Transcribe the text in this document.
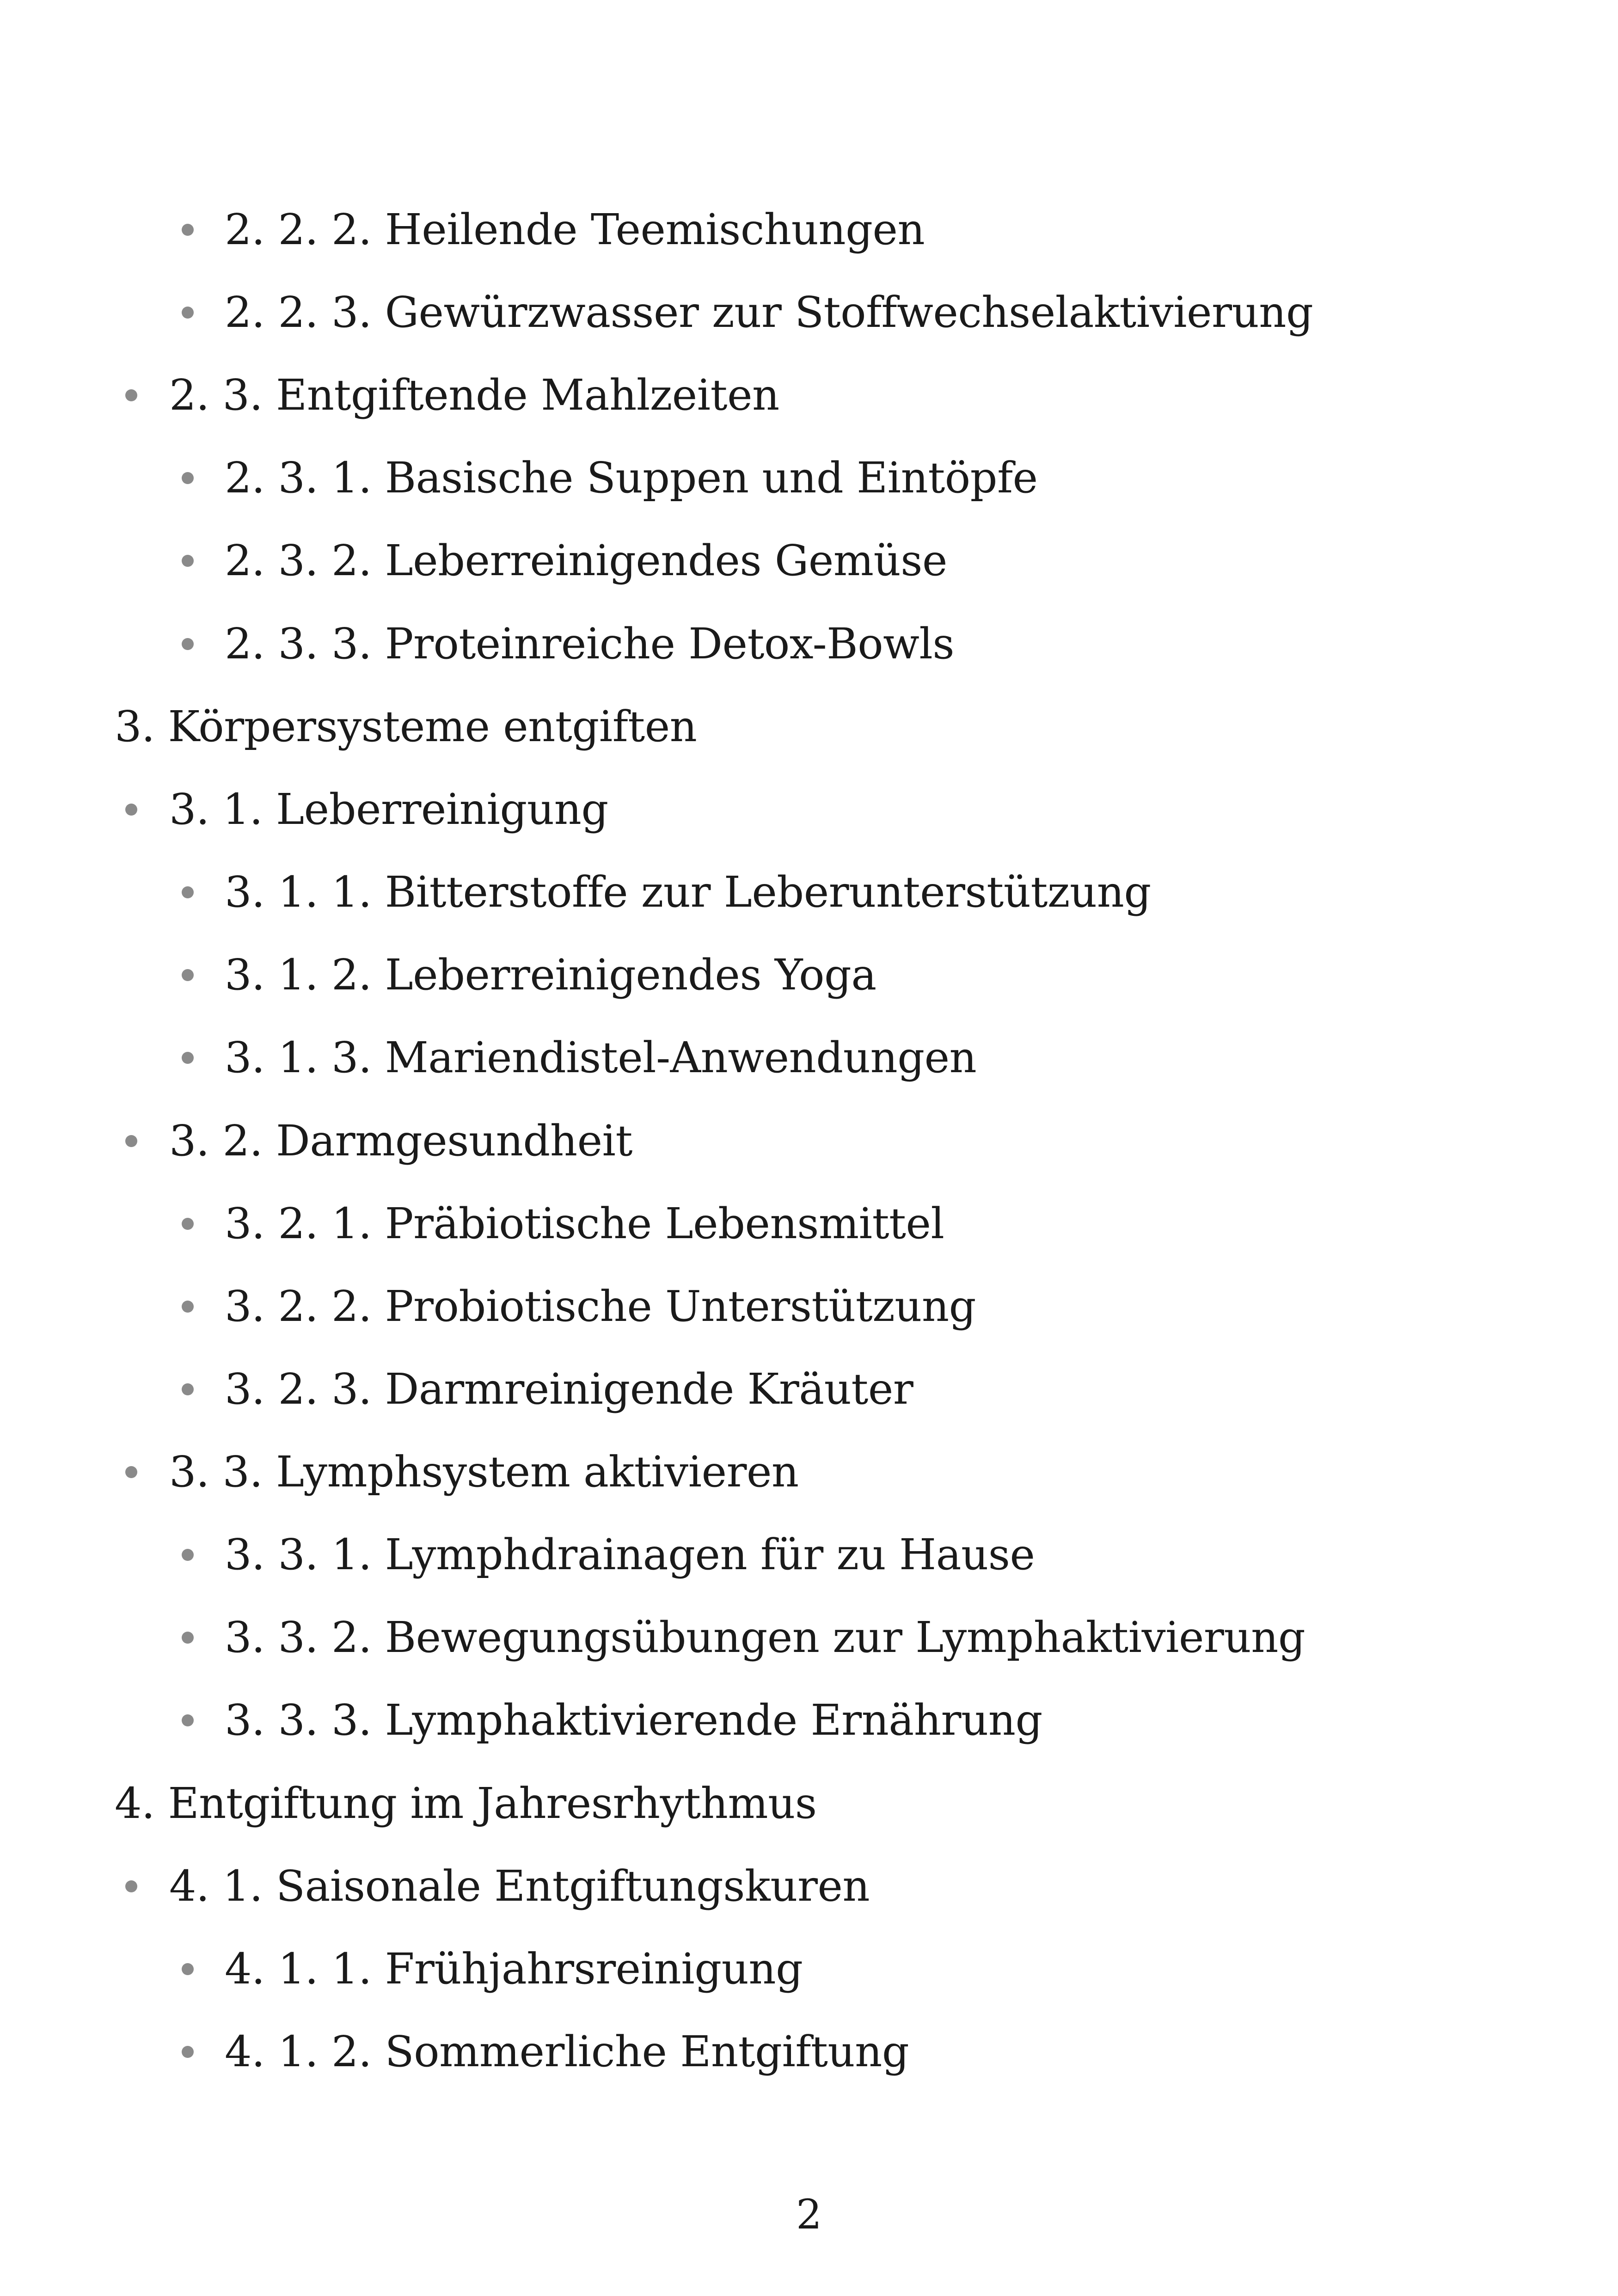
2. 2. 2. Heilende Teemischungen
2. 2. 3. Gewürzwasser zur Stoffwechselaktivierung
2. 3. Entgiftende Mahlzeiten
2. 3. 1. Basische Suppen und Eintöpfe
2. 3. 2. Leberreinigendes Gemüse
2. 3. 3. Proteinreiche Detox-Bowls
3. Körpersysteme entgiften
3. 1. Leberreinigung
3. 1. 1. Bitterstoffe zur Leberunterstützung
3. 1. 2. Leberreinigendes Yoga
3. 1. 3. Mariendistel-Anwendungen
3. 2. Darmgesundheit
3. 2. 1. Präbiotische Lebensmittel
3. 2. 2. Probiotische Unterstützung
3. 2. 3. Darmreinigende Kräuter
3. 3. Lymphsystem aktivieren
3. 3. 1. Lymphdrainagen für zu Hause
3. 3. 2. Bewegungsübungen zur Lymphaktivierung
3. 3. 3. Lymphaktivierende Ernährung
4. Entgiftung im Jahresrhythmus
4. 1. Saisonale Entgiftungskuren
4. 1. 1. Frühjahrsreinigung
4. 1. 2. Sommerliche Entgiftung
2
